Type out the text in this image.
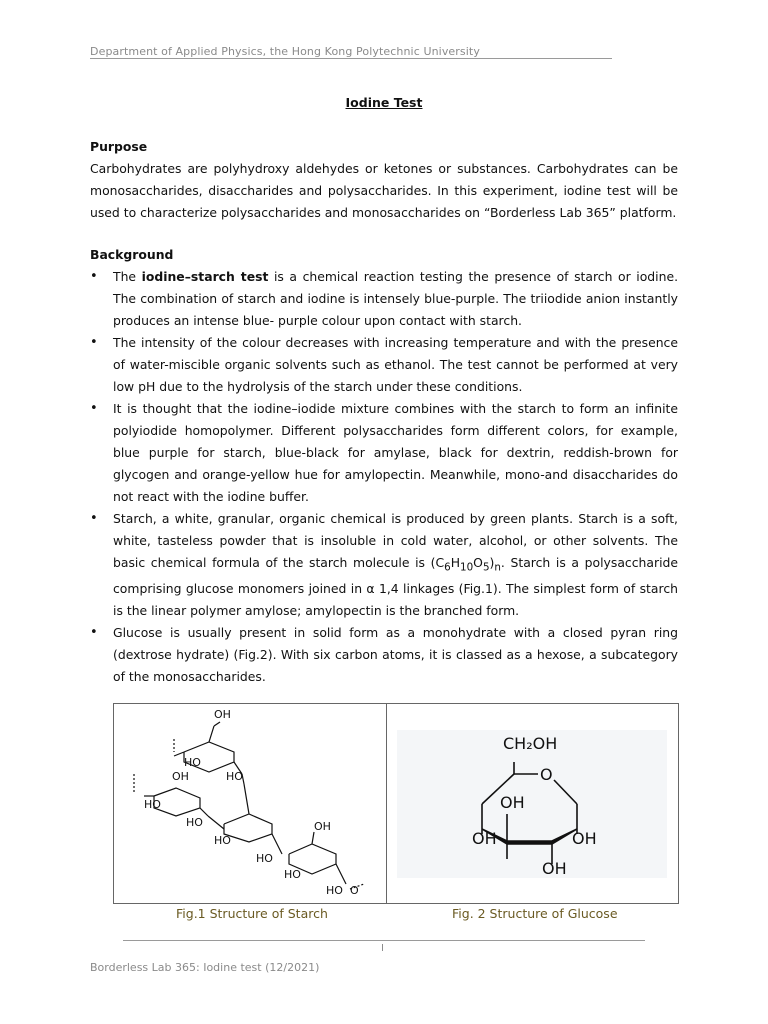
Department of Applied Physics, the Hong Kong Polytechnic University
Iodine Test
Purpose
Carbohydrates are polyhydroxy aldehydes or ketones or substances. Carbohydrates can be monosaccharides, disaccharides and polysaccharides. In this experiment, iodine test will be used to characterize polysaccharides and monosaccharides on “Borderless Lab 365” platform.
Background
• The iodine–starch test is a chemical reaction testing the presence of starch or iodine. The combination of starch and iodine is intensely blue-purple. The triiodide anion instantly produces an intense blue- purple colour upon contact with starch.
• The intensity of the colour decreases with increasing temperature and with the presence of water-miscible organic solvents such as ethanol. The test cannot be performed at very low pH due to the hydrolysis of the starch under these conditions.
• It is thought that the iodine–iodide mixture combines with the starch to form an infinite polyiodide homopolymer. Different polysaccharides form different colors, for example, blue purple for starch, blue-black for amylase, black for dextrin, reddish-brown for glycogen and orange-yellow hue for amylopectin. Meanwhile, mono-and disaccharides do not react with the iodine buffer.
• Starch, a white, granular, organic chemical is produced by green plants. Starch is a soft, white, tasteless powder that is insoluble in cold water, alcohol, or other solvents. The basic chemical formula of the starch molecule is $(C_6H_{10}O_5)_n$. Starch is a polysaccharide comprising glucose monomers joined in α 1,4 linkages (Fig.1). The simplest form of starch is the linear polymer amylose; amylopectin is the branched form.
• Glucose is usually present in solid form as a monohydrate with a closed pyran ring (dextrose hydrate) (Fig.2). With six carbon atoms, it is classed as a hexose, a subcategory of the monosaccharides.
OH
HO
HO
OH
HO
HO
HO
OH
HO
HO
HO O
CH₂OH
O
OH
OH	OH
OH
Fig.1 Structure of Starch	Fig. 2 Structure of Glucose
I
Borderless Lab 365: Iodine test (12/2021)
